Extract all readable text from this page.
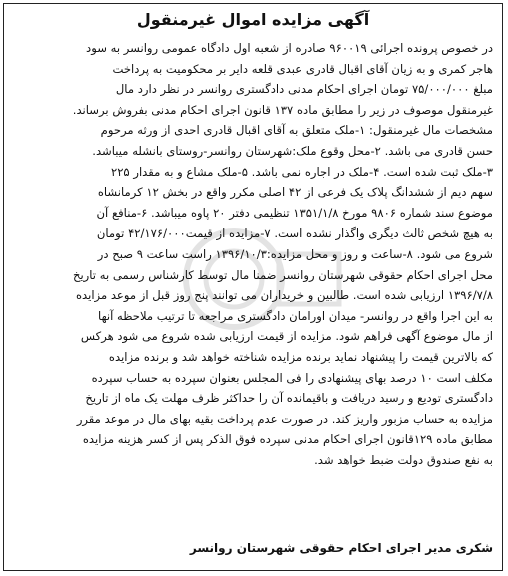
آگهی مزایده اموال غیرمنقول
در خصوص پرونده اجرائی ۹۶۰۰۱۹ صادره از شعبه اول دادگاه عمومی روانسر به سود
هاجر کمری و به زیان آقای اقبال قادری عبدی قلعه دایر بر محکومیت به پرداخت
مبلغ ۷۵/۰۰۰/۰۰۰ تومان اجرای احکام مدنی دادگستری روانسر در نظر دارد مال
غیرمنقول موصوف در زیر را مطابق ماده ۱۳۷ قانون اجرای احکام مدنی بفروش برساند.
مشخصات مال غیرمنقول: ۱-ملک متعلق به آقای اقبال قادری احدی از ورثه مرحوم
حسن قادری می باشد. ۲-محل وقوع ملک:شهرستان روانسر-روستای بانشله میباشد.
۳-ملک ثبت شده است. ۴-ملک در اجاره نمی باشد. ۵-ملک مشاع و به مقدار ۲۲۵
سهم دیم از ششدانگ پلاک یک فرعی از ۴۲ اصلی مکرر واقع در بخش ۱۲ کرمانشاه
موضوع سند شماره ۹۸۰۶ مورخ ۱۳۵۱/۱/۸ تنظیمی دفتر ۲۰ پاوه میباشد. ۶-منافع آن
به هیچ شخص ثالث دیگری واگذار نشده است. ۷-مزایده از قیمت۴۲/۱۷۶/۰۰۰ تومان
شروع می شود. ۸-ساعت و روز و محل مزایده:۱۳۹۶/۱۰/۳ راست ساعت ۹ صبح در
محل اجرای احکام حقوقی شهرستان روانسر ضمنا مال توسط کارشناس رسمی به تاریخ
۱۳۹۶/۷/۸ ارزیابی شده است. طالبین و خریداران می توانند پنج روز قبل از موعد مزایده
به این اجرا واقع در روانسر- میدان اورامان دادگستری مراجعه تا ترتیب ملاحظه آنها
از مال موضوع آگهی فراهم شود. مزایده از قیمت ارزیابی شده شروع می شود هرکس
که بالاترین قیمت را پیشنهاد نماید برنده مزایده شناخته خواهد شد و برنده مزایده
مکلف است ۱۰ درصد بهای پیشنهادی را فی المجلس بعنوان سپرده به حساب سپرده
دادگستری تودیع و رسید دریافت و باقیمانده آن را حداکثر ظرف مهلت یک ماه از تاریخ
مزایده به حساب مزبور واریز کند. در صورت عدم پرداخت بقیه بهای مال در موعد مقرر
مطابق ماده ۱۲۹قانون اجرای احکام مدنی سپرده فوق الذکر پس از کسر هزینه مزایده
به نفع صندوق دولت ضبط خواهد شد.
شکری مدیر اجرای احکام حقوقی شهرستان روانسر
